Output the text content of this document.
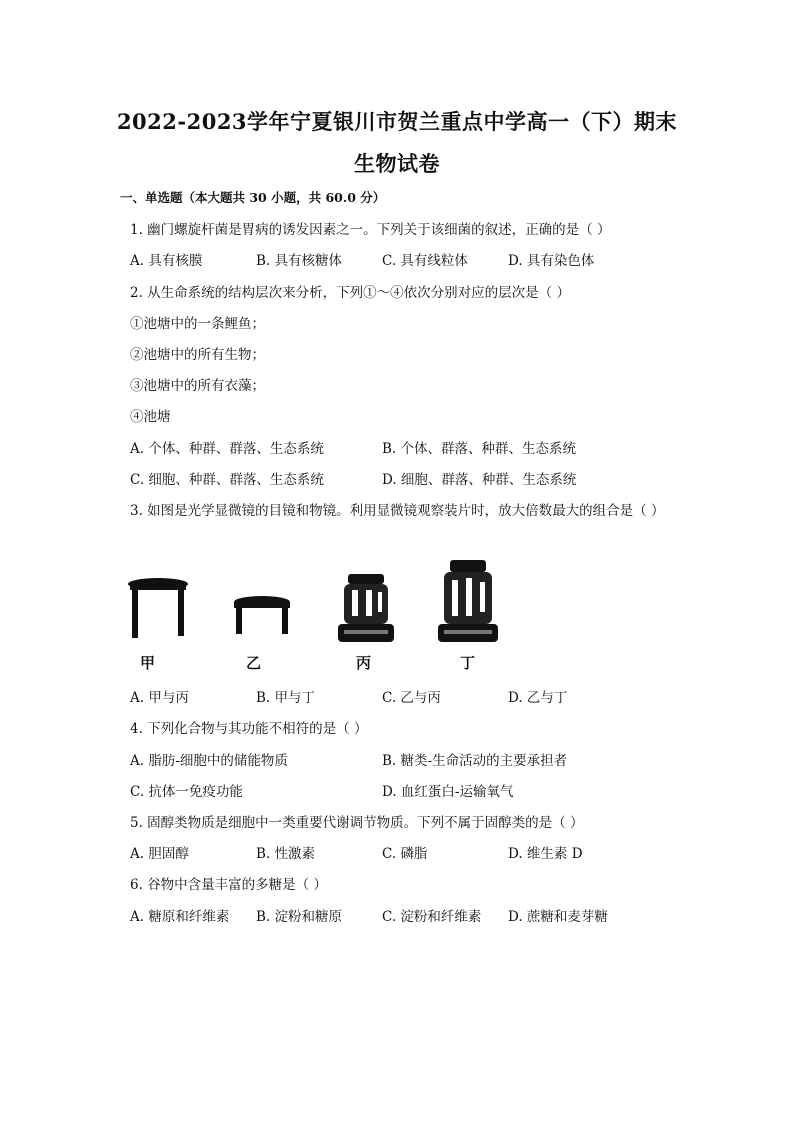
2022-2023学年宁夏银川市贺兰重点中学高一（下）期末
生物试卷
一、单选题（本大题共 30 小题，共 60.0 分）
1. 幽门螺旋杆菌是胃病的诱发因素之一。下列关于该细菌的叙述，正确的是（ ）
A. 具有核膜	B. 具有核糖体	C. 具有线粒体	D. 具有染色体
2. 从生命系统的结构层次来分析，下列①～④依次分别对应的层次是（ ）
①池塘中的一条鲤鱼；
②池塘中的所有生物；
③池塘中的所有衣藻；
④池塘
A. 个体、种群、群落、生态系统	B. 个体、群落、种群、生态系统
C. 细胞、种群、群落、生态系统	D. 细胞、群落、种群、生态系统
3. 如图是光学显微镜的目镜和物镜。利用显微镜观察装片时，放大倍数最大的组合是（ ）
甲	乙	丙	丁
A. 甲与丙	B. 甲与丁	C. 乙与丙	D. 乙与丁
4. 下列化合物与其功能不相符的是（ ）
A. 脂肪-细胞中的储能物质	B. 糖类-生命活动的主要承担者
C. 抗体一免疫功能	D. 血红蛋白-运输氧气
5. 固醇类物质是细胞中一类重要代谢调节物质。下列不属于固醇类的是（ ）
A. 胆固醇	B. 性激素	C. 磷脂	D. 维生素 D
6. 谷物中含量丰富的多糖是（ ）
A. 糖原和纤维素 B. 淀粉和糖原	C. 淀粉和纤维素 D. 蔗糖和麦芽糖
